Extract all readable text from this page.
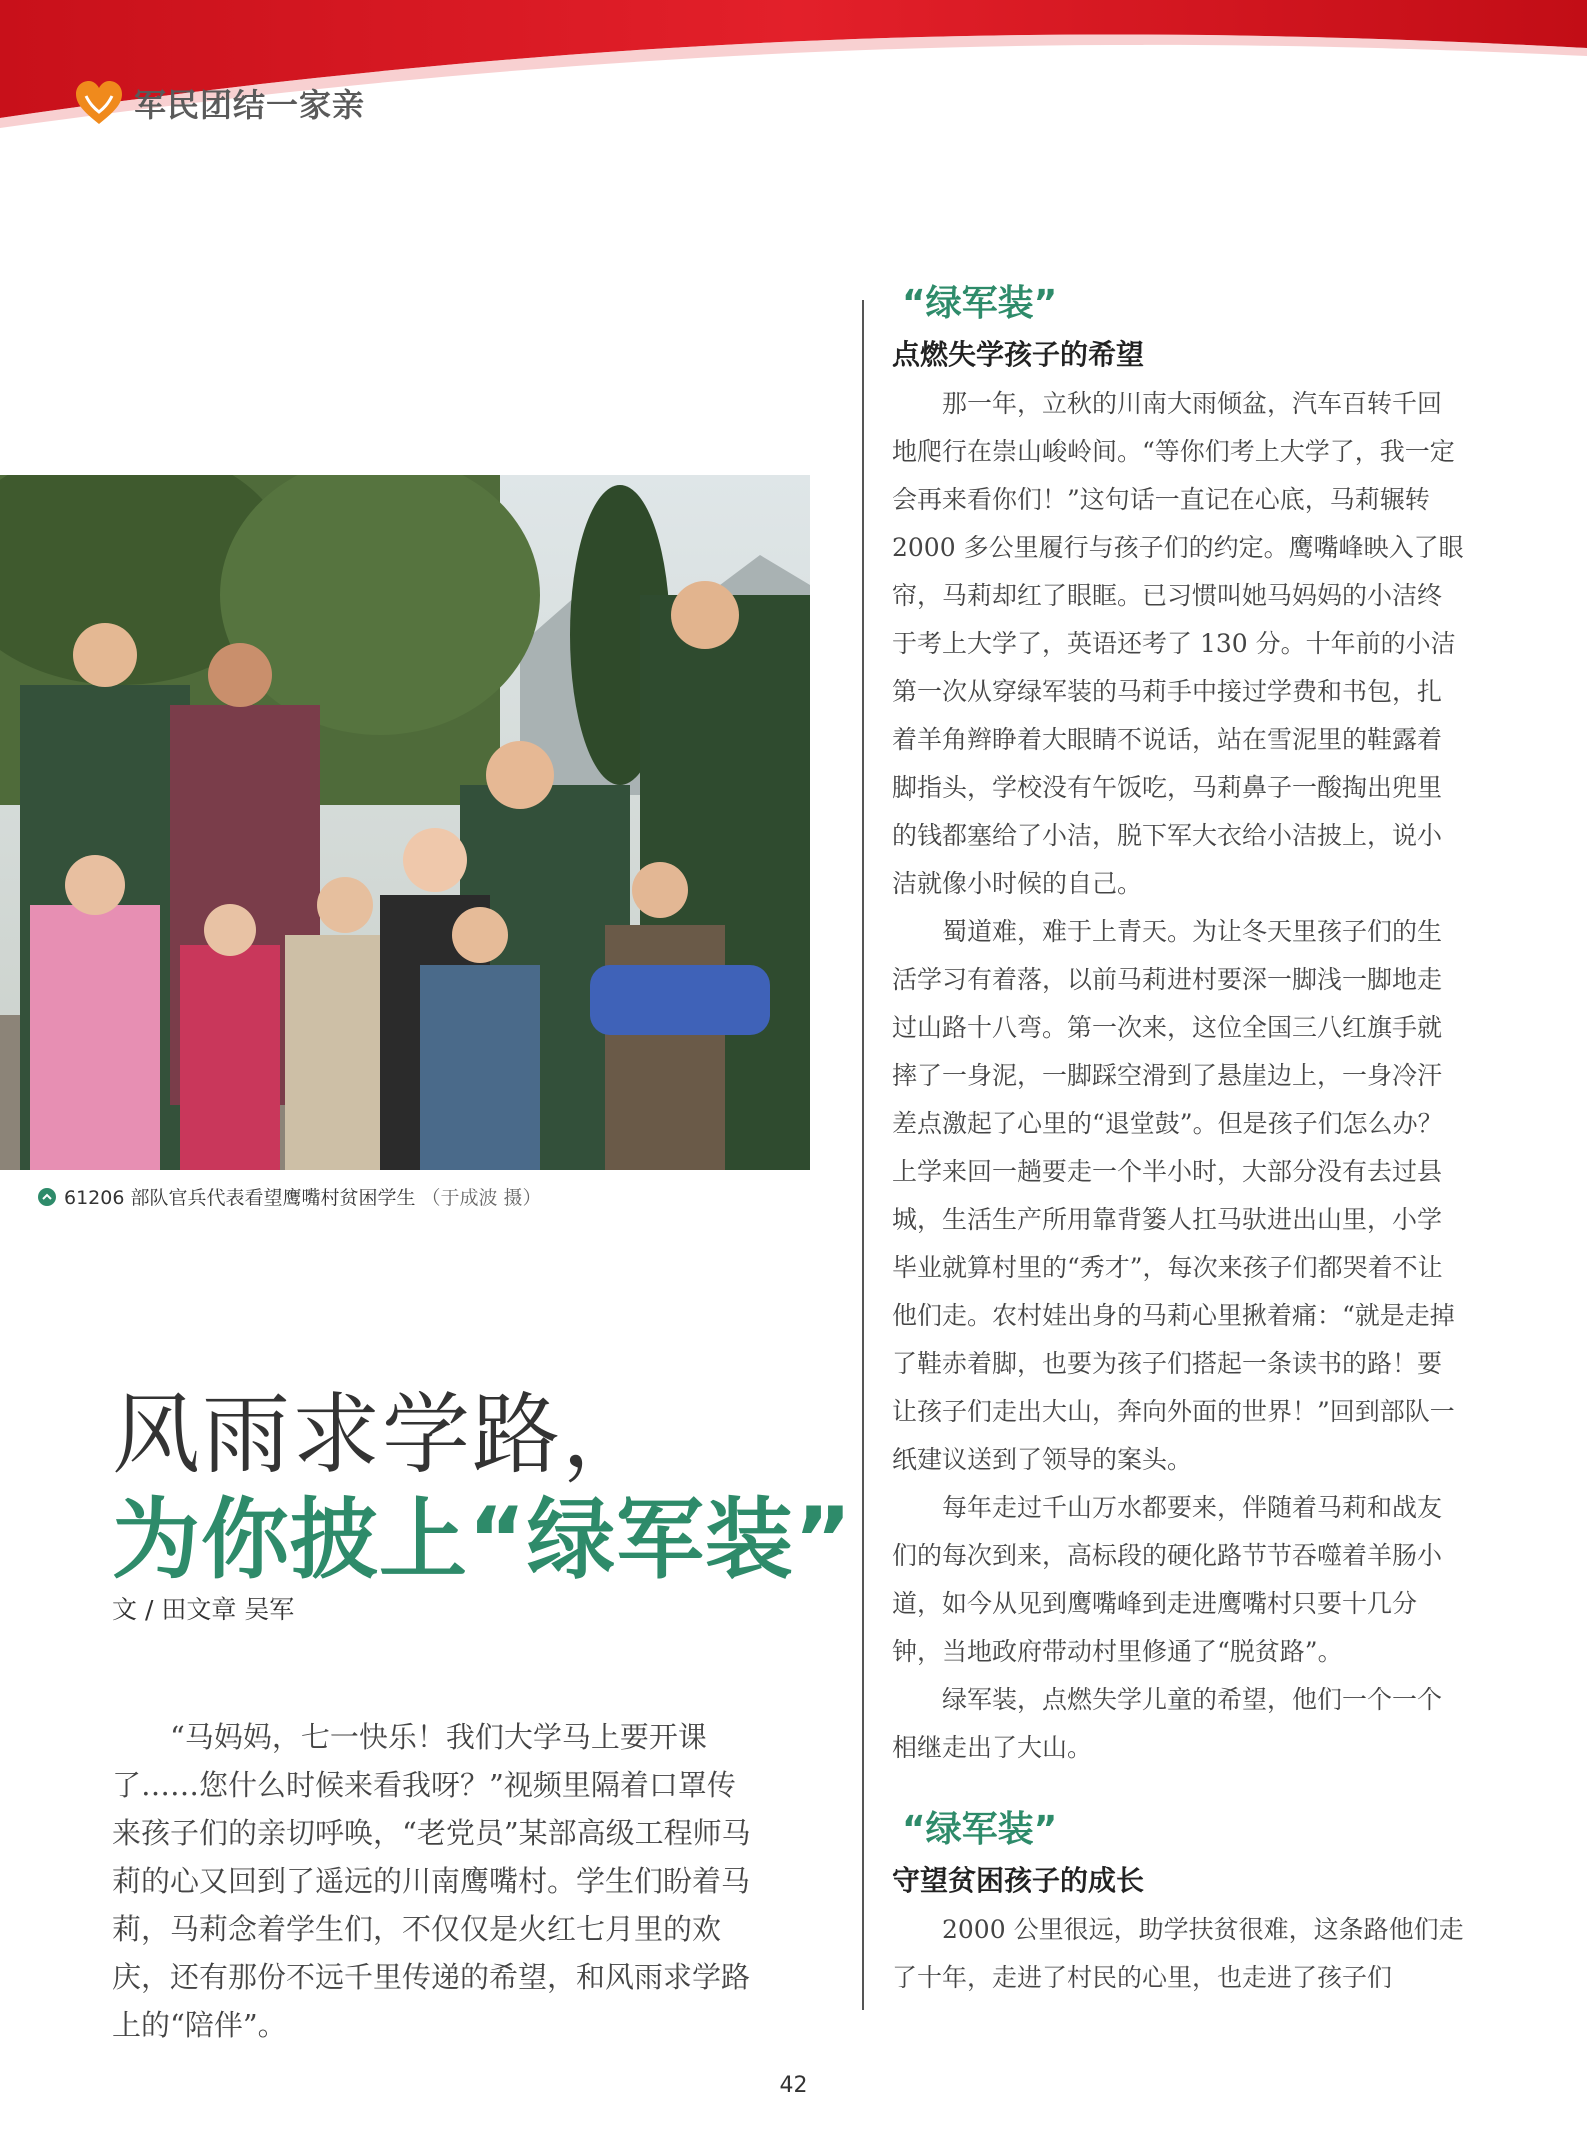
军民团结一家亲
61206 部队官兵代表看望鹰嘴村贫困学生 （于成波 摄）
风雨求学路，
为你披上“绿军装”
文 / 田文章 吴军

“马妈妈，七一快乐！我们大学马上要开课了……您什么时候来看我呀？”视频里隔着口罩传来孩子们的亲切呼唤，“老党员”某部高级工程师马莉的心又回到了遥远的川南鹰嘴村。学生们盼着马莉，马莉念着学生们，不仅仅是火红七月里的欢庆，还有那份不远千里传递的希望，和风雨求学路上的“陪伴”。

“绿军装”
点燃失学孩子的希望

那一年，立秋的川南大雨倾盆，汽车百转千回地爬行在崇山峻岭间。“等你们考上大学了，我一定会再来看你们！”这句话一直记在心底，马莉辗转 2000 多公里履行与孩子们的约定。鹰嘴峰映入了眼帘，马莉却红了眼眶。已习惯叫她马妈妈的小洁终于考上大学了，英语还考了 130 分。十年前的小洁第一次从穿绿军装的马莉手中接过学费和书包，扎着羊角辫睁着大眼睛不说话，站在雪泥里的鞋露着脚指头，学校没有午饭吃，马莉鼻子一酸掏出兜里的钱都塞给了小洁，脱下军大衣给小洁披上，说小洁就像小时候的自己。

蜀道难，难于上青天。为让冬天里孩子们的生活学习有着落，以前马莉进村要深一脚浅一脚地走过山路十八弯。第一次来，这位全国三八红旗手就摔了一身泥，一脚踩空滑到了悬崖边上，一身冷汗差点激起了心里的“退堂鼓”。但是孩子们怎么办？上学来回一趟要走一个半小时，大部分没有去过县城，生活生产所用靠背篓人扛马驮进出山里，小学毕业就算村里的“秀才”，每次来孩子们都哭着不让他们走。农村娃出身的马莉心里揪着痛：“就是走掉了鞋赤着脚，也要为孩子们搭起一条读书的路！要让孩子们走出大山，奔向外面的世界！”回到部队一纸建议送到了领导的案头。

每年走过千山万水都要来，伴随着马莉和战友们的每次到来，高标段的硬化路节节吞噬着羊肠小道，如今从见到鹰嘴峰到走进鹰嘴村只要十几分钟，当地政府带动村里修通了“脱贫路”。

绿军装，点燃失学儿童的希望，他们一个一个相继走出了大山。

“绿军装”
守望贫困孩子的成长

2000 公里很远，助学扶贫很难，这条路他们走了十年，走进了村民的心里，也走进了孩子们

42
